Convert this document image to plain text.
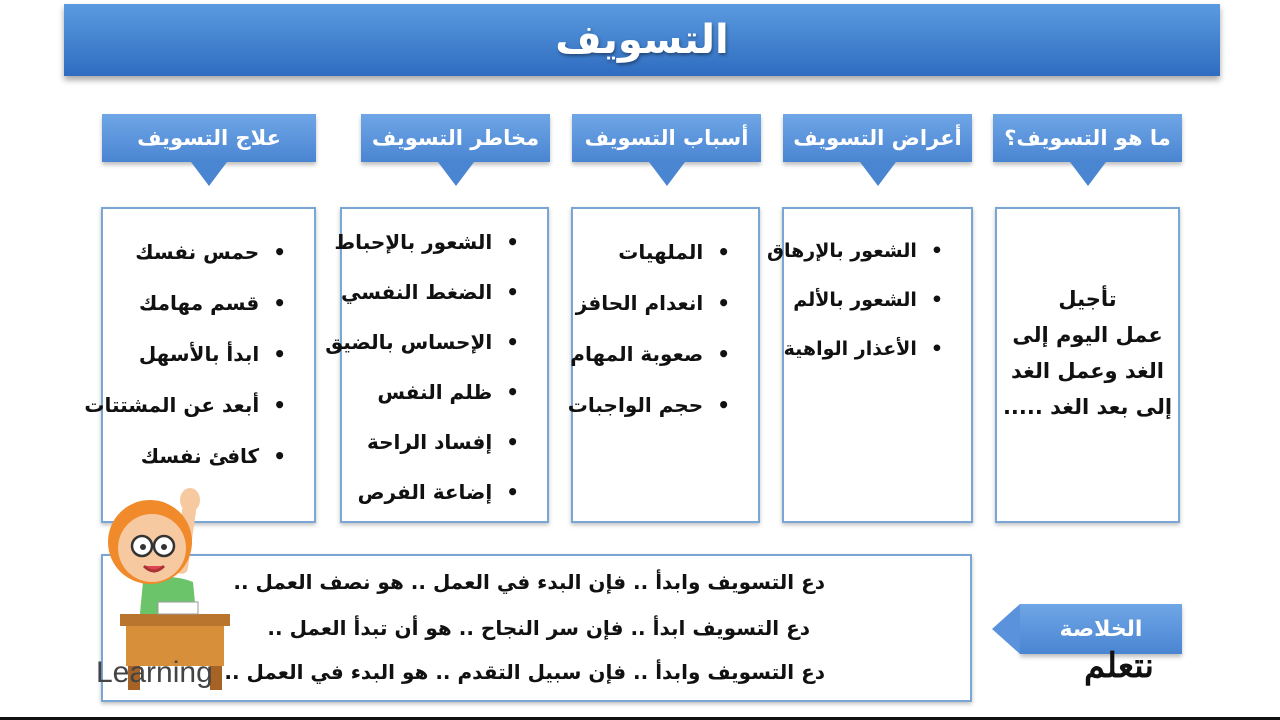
التسويف
ما هو التسويف؟
تأجيل
عمل اليوم إلى
الغد وعمل الغد
إلى بعد الغد .....
أعراض التسويف
• الشعور بالإرهاق
• الشعور بالألم
• الأعذار الواهية
أسباب التسويف
• الملهيات
• انعدام الحافز
• صعوبة المهام
• حجم الواجبات
مخاطر التسويف
• الشعور بالإحباط
• الضغط النفسي
• الإحساس بالضيق
• ظلم النفس
• إفساد الراحة
• إضاعة الفرص
علاج التسويف
• حمس نفسك
• قسم مهامك
• ابدأ بالأسهل
• أبعد عن المشتتات
• كافئ نفسك
دع التسويف وابدأ .. فإن البدء في العمل .. هو نصف العمل ..
دع التسويف ابدأ .. فإن سر النجاح .. هو أن تبدأ العمل ..
دع التسويف وابدأ .. فإن سبيل التقدم .. هو البدء في العمل ..
الخلاصة
Learning	نتعلم
